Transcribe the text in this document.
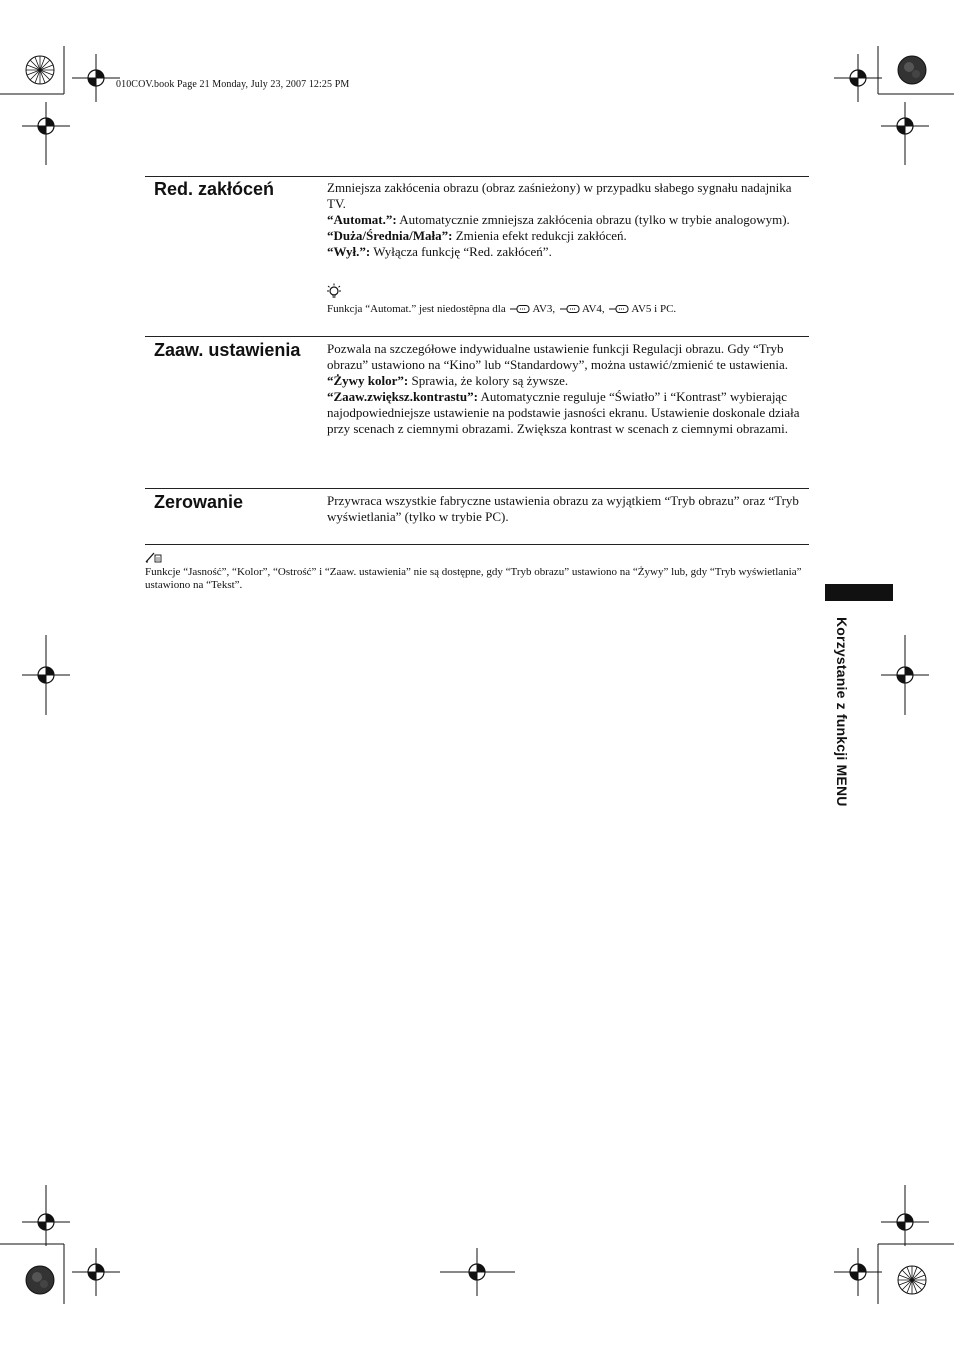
010COV.book Page 21 Monday, July 23, 2007 12:25 PM
Red. zakłóceń	Zmniejsza zakłócenia obrazu (obraz zaśnieżony) w przypadku słabego sygnału nadajnika TV.

“Automat.”: Automatycznie zmniejsza zakłócenia obrazu (tylko w trybie analogowym).

“Duża/Średnia/Mała”: Zmienia efekt redukcji zakłóceń.

“Wył.”: Wyłącza funkcję “Red. zakłóceń”.

Funkcja “Automat.” jest niedostêpna dla AV3, AV4, AV5 i PC.
Zaaw. ustawienia Pozwala na szczegółowe indywidualne ustawienie funkcji Regulacji obrazu. Gdy “Tryb obrazu” ustawiono na “Kino” lub “Standardowy”, można ustawić/zmienić te ustawienia.

“Żywy kolor”: Sprawia, że kolory są żywsze.

“Zaaw.zwiększ.kontrastu”: Automatycznie reguluje “Światło” i “Kontrast” wybierając najodpowiedniejsze ustawienie na podstawie jasności ekranu. Ustawienie doskonale działa przy scenach z ciemnymi obrazami. Zwiększa kontrast w scenach z ciemnymi obrazami.

Zerowanie	Przywraca wszystkie fabryczne ustawienia obrazu za wyjątkiem “Tryb obrazu” oraz “Tryb wyświetlania” (tylko w trybie PC).

Funkcje “Jasność”, “Kolor”, “Ostrość” i “Zaaw. ustawienia” nie są dostępne, gdy “Tryb obrazu” ustawiono na “Żywy” lub, gdy “Tryb wyświetlania” ustawiono na “Tekst”.
Korzystanie z funkcji MENU
